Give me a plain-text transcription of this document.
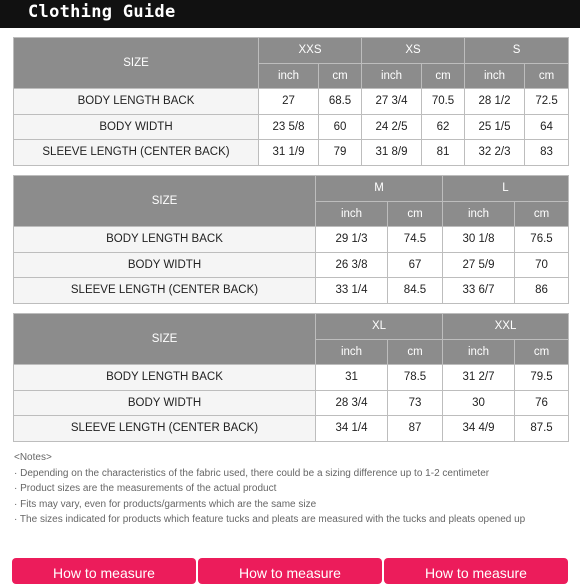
Clothing Guide
SIZE	XXS		XS		S	
	inch	cm	inch	cm	inch	cm
BODY LENGTH BACK	27	68.5	27 3/4	70.5	28 1/2	72.5
BODY WIDTH	23 5/8	60	24 2/5	62	25 1/5	64
SLEEVE LENGTH (CENTER BACK)	31 1/9	79	31 8/9	81	32 2/3	83
SIZE	M		L	
	inch	cm	inch	cm
BODY LENGTH BACK	29 1/3	74.5	30 1/8	76.5
BODY WIDTH	26 3/8	67	27 5/9	70
SLEEVE LENGTH (CENTER BACK)	33 1/4	84.5	33 6/7	86
SIZE	XL		XXL	
	inch	cm	inch	cm
BODY LENGTH BACK	31	78.5	31 2/7	79.5
BODY WIDTH	28 3/4	73	30	76
SLEEVE LENGTH (CENTER BACK)	34 1/4	87	34 4/9	87.5
<Notes>
· Depending on the characteristics of the fabric used, there could be a sizing difference up to 1-2 centimeter
· Product sizes are the measurements of the actual product
· Fits may vary, even for products/garments which are the same size
· The sizes indicated for products which feature tucks and pleats are measured with the tucks and pleats opened up
How to measure	How to measure	How to measure
